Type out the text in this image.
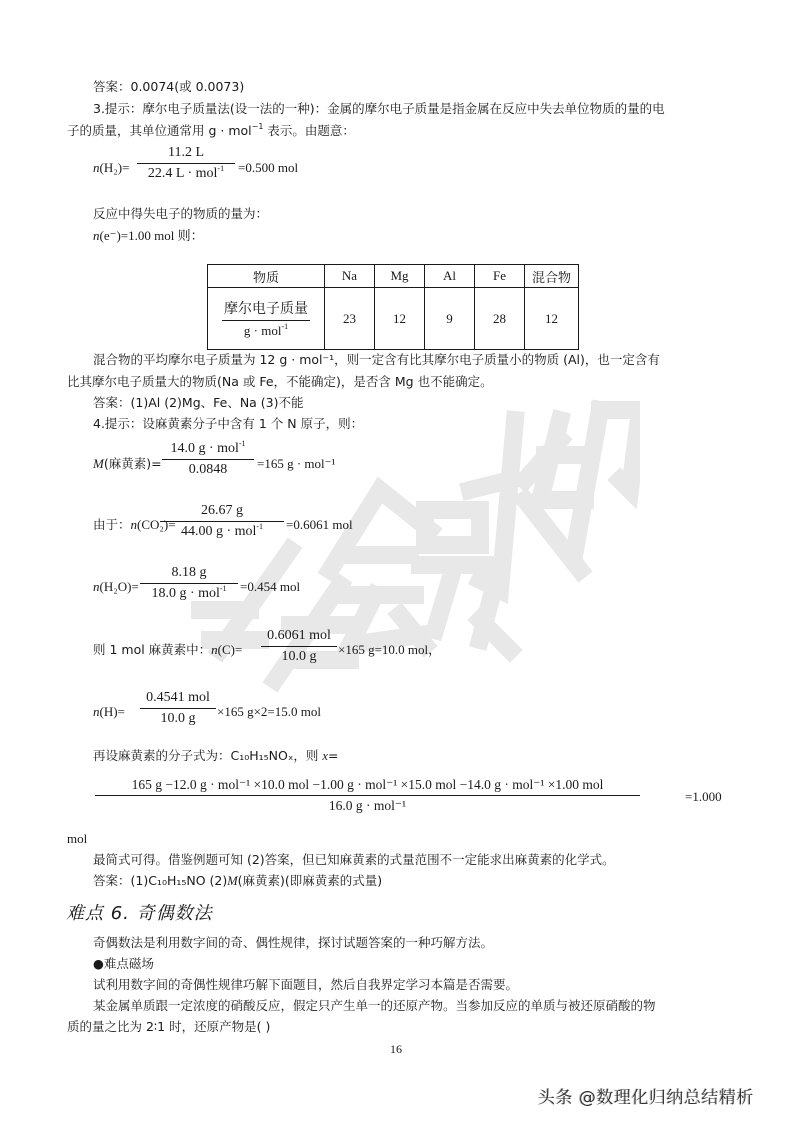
答案：0.0074(或 0.0073)
3.提示：摩尔电子质量法(设一法的一种)：金属的摩尔电子质量是指金属在反应中失去单位物质的量的电
子的质量，其单位通常用 g · mol$^{-1}$ 表示。由题意：
n(H₂)=
11.2 L
22.4 L · mol$^{-1}$	=0.500 mol
反应中得失电子的物质的量为：
n(e⁻)=1.00 mol 则：
物质	Na	Mg	Al	Fe	混合物

摩尔电子质量
g · mol$^{-1}$	23	12	9	28	12
混合物的平均摩尔电子质量为 12 g · mol⁻¹，则一定含有比其摩尔电子质量小的物质 (Al)，也一定含有
比其摩尔电子质量大的物质(Na 或 Fe，不能确定)，是否含 Mg 也不能确定。
答案：(1)Al (2)Mg、Fe、Na (3)不能
4.提示：设麻黄素分子中含有 1 个 N 原子，则：
M(麻黄素)=
14.0 g · mol$^{-1}$
0.0848	=165 g · mol⁻¹
由于：n(CO₂)=
26.67 g
44.00 g · mol$^{-1}$	=0.6061 mol
n(H₂O)=
8.18 g
18.0 g · mol$^{-1}$	=0.454 mol
则 1 mol 麻黄素中：n(C)=
0.6061 mol
10.0 g	×165 g=10.0 mol，
n(H)=
0.4541 mol
10.0 g	×165 g×2=15.0 mol
再设麻黄素的分子式为：C₁₀H₁₅NOₓ，则 x=
165 g −12.0 g · mol⁻¹ ×10.0 mol −1.00 g · mol⁻¹ ×15.0 mol −14.0 g · mol⁻¹ ×1.00 mol
16.0 g · mol⁻¹
=1.000
mol
最简式可得。借鉴例题可知 (2)答案，但已知麻黄素的式量范围不一定能求出麻黄素的化学式。
答案：(1)C₁₀H₁₅NO (2)M(麻黄素)(即麻黄素的式量)
难点 6. 奇偶数法
奇偶数法是利用数字间的奇、偶性规律，探讨试题答案的一种巧解方法。
●难点磁场
试利用数字间的奇偶性规律巧解下面题目，然后自我界定学习本篇是否需要。
某金属单质跟一定浓度的硝酸反应，假定只产生单一的还原产物。当参加反应的单质与被还原硝酸的物
质的量之比为 2∶1 时，还原产物是( )
16
头条 @数理化归纳总结精析
